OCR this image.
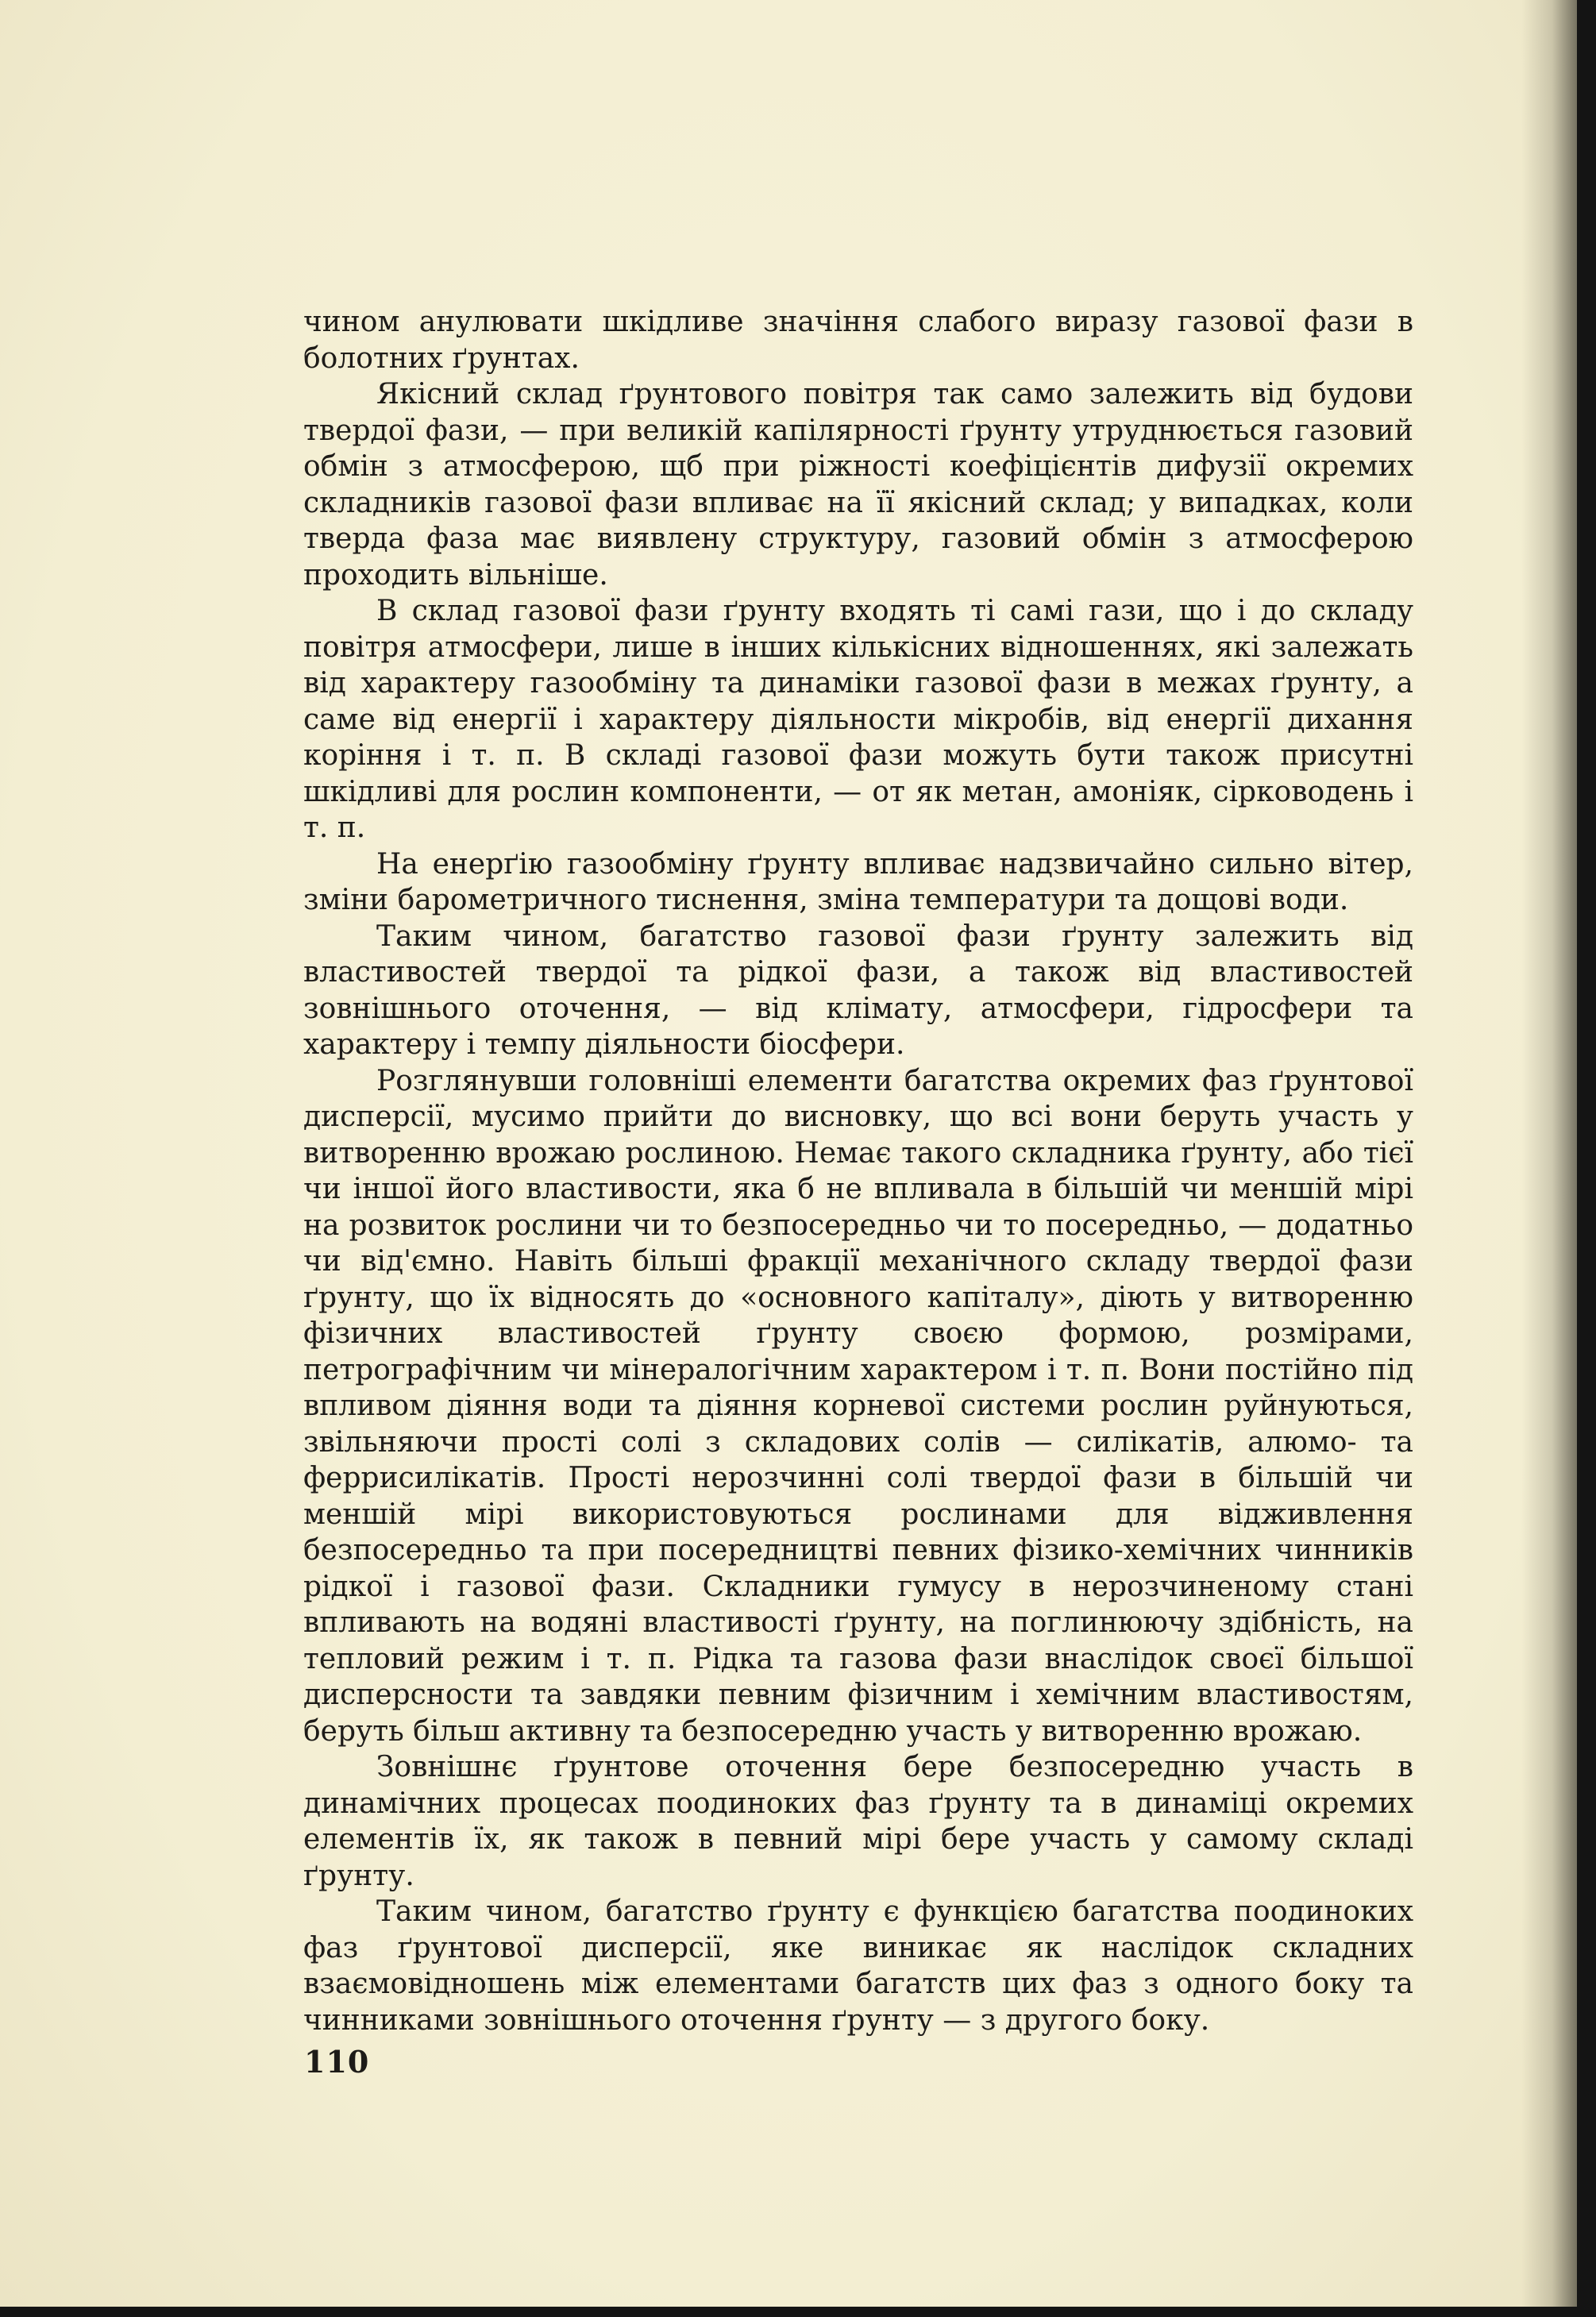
чином анулювати шкідливе значіння слабого виразу газової фази в болотних ґрунтах.

Якісний склад ґрунтового повітря так само залежить від будови твердої фази, — при великій капілярності ґрунту утруднюється газовий обмін з атмосферою, щб при ріжності коефіцієнтів дифузії окремих складників газової фази впливає на її якісний склад; у випадках, коли тверда фаза має виявлену структуру, газовий обмін з атмосферою проходить вільніше.

В склад газової фази ґрунту входять ті самі гази, що і до складу повітря атмосфери, лише в інших кількісних відношеннях, які залежать від характеру газообміну та динаміки газової фази в межах ґрунту, а саме від енергії і характеру діяльности мікробів, від енергії дихання коріння і т. п. В складі газової фази можуть бути також присутні шкідливі для рослин компоненти, — от як метан, амоніяк, сірководень і т. п.

На енерґію газообміну ґрунту впливає надзвичайно сильно вітер, зміни барометричного тиснення, зміна температури та дощові води.

Таким чином, багатство газової фази ґрунту залежить від властивостей твердої та рідкої фази, а також від властивостей зовнішнього оточення, — від клімату, атмосфери, гідросфери та характеру і темпу діяльности біосфери.

Розглянувши головніші елементи багатства окремих фаз ґрунтової дисперсії, мусимо прийти до висновку, що всі вони беруть участь у витворенню врожаю рослиною. Немає такого складника ґрунту, або тієї чи іншої його властивости, яка б не впливала в більшій чи меншій мірі на розвиток рослини чи то безпосередньо чи то посередньо, — додатньо чи від'ємно. Навіть більші фракції механічного складу твердої фази ґрунту, що їх відносять до «основного капіталу», діють у витворенню фізичних властивостей ґрунту своєю формою, розмірами, петрографічним чи мінералогічним характером і т. п. Вони постійно під впливом діяння води та діяння корневої системи рослин руйнуються, звільняючи прості солі з складових солів — силікатів, алюмо- та феррисилікатів. Прості нерозчинні солі твердої фази в більшій чи меншій мірі використовуються рослинами для відживлення безпосередньо та при посередництві певних фізико-хемічних чинників рідкої і газової фази. Складники гумусу в нерозчиненому стані впливають на водяні властивості ґрунту, на поглинюючу здібність, на тепловий режим і т. п. Рідка та газова фази внаслідок своєї більшої дисперсности та завдяки певним фізичним і хемічним властивостям, беруть більш активну та безпосередню участь у витворенню врожаю.

Зовнішнє ґрунтове оточення бере безпосередню участь в динамічних процесах поодиноких фаз ґрунту та в динаміці окремих елементів їх, як також в певний мірі бере участь у самому складі ґрунту.

Таким чином, багатство ґрунту є функцією багатства поодиноких фаз ґрунтової дисперсії, яке виникає як наслідок складних взаємовідношень між елементами багатств цих фаз з одного боку та чинниками зовнішнього оточення ґрунту — з другого боку.

110
